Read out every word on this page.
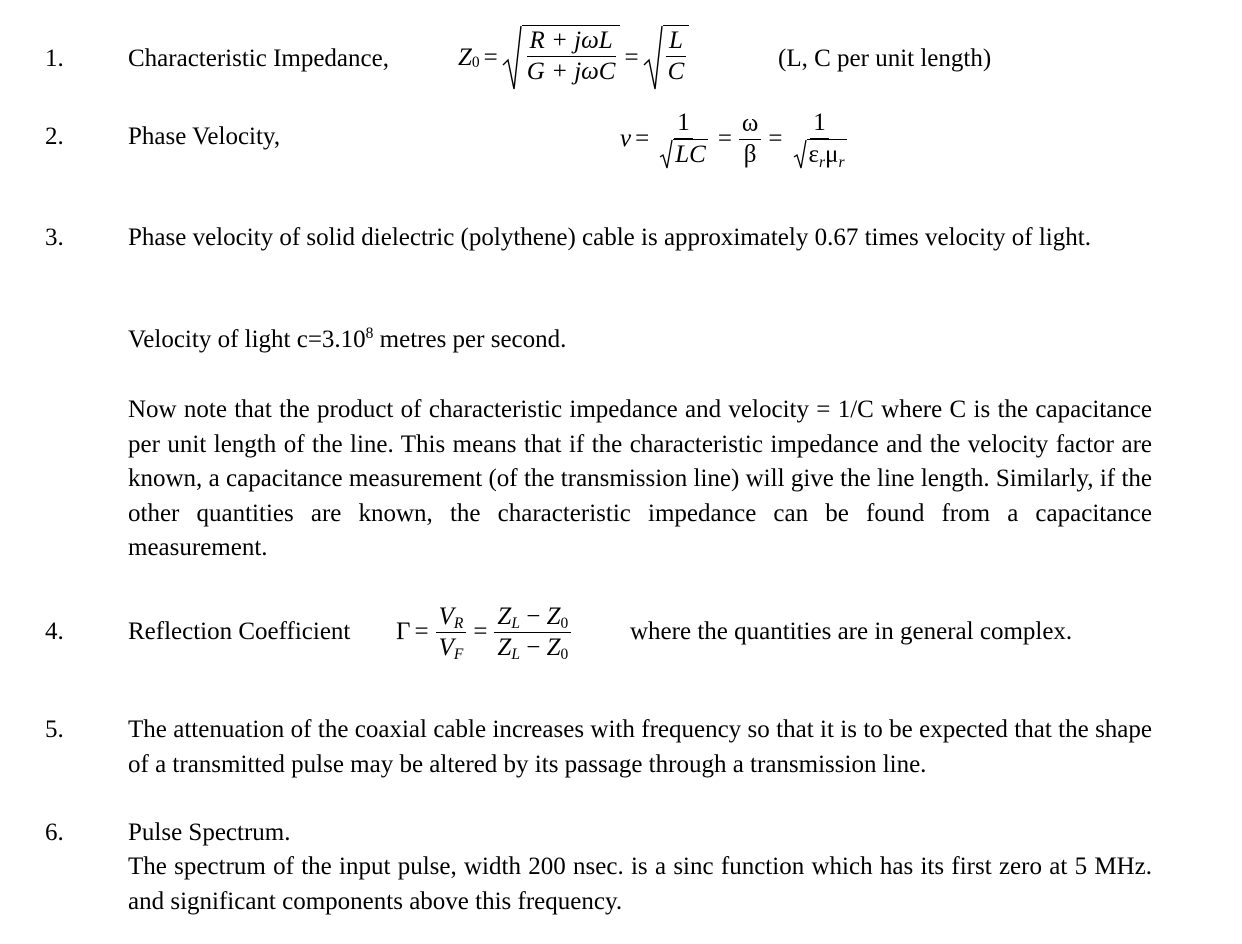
1.	Characteristic Impedance,	Z $0 = \frac{\text{R + jωL}}{\text{G + jωC}} = \frac{L}{C}$	(L, C per unit length)
2.	Phase Velocity,	$v = \frac{1}{LC} = \frac{\omega}{\beta} = \frac{1}{\text{εrμr}}$
3.	Phase velocity of solid dielectric (polythene) cable is approximately 0.67 times velocity of light.
Velocity of light $c=3.10^8$ metres per second.
Now note that the product of characteristic impedance and velocity = 1/C where C is the capacitance per unit length of the line. This means that if the characteristic impedance and the velocity factor are known, a capacitance measurement (of the transmission line) will give the line length. Similarly, if the other quantities are known, the characteristic impedance can be found from a capacitance measurement.
4.	Reflection Coefficient $\Gamma = \frac{VR}{VF} = \frac{ZL - Z0}{ZL - Z0}$ where the quantities are in general complex.
5.	The attenuation of the coaxial cable increases with frequency so that it is to be expected that the shape of a transmitted pulse may be altered by its passage through a transmission line.
6.	Pulse Spectrum.
The spectrum of the input pulse, width 200 nsec. is a sinc function which has its first zero at 5 MHz. and significant components above this frequency.
